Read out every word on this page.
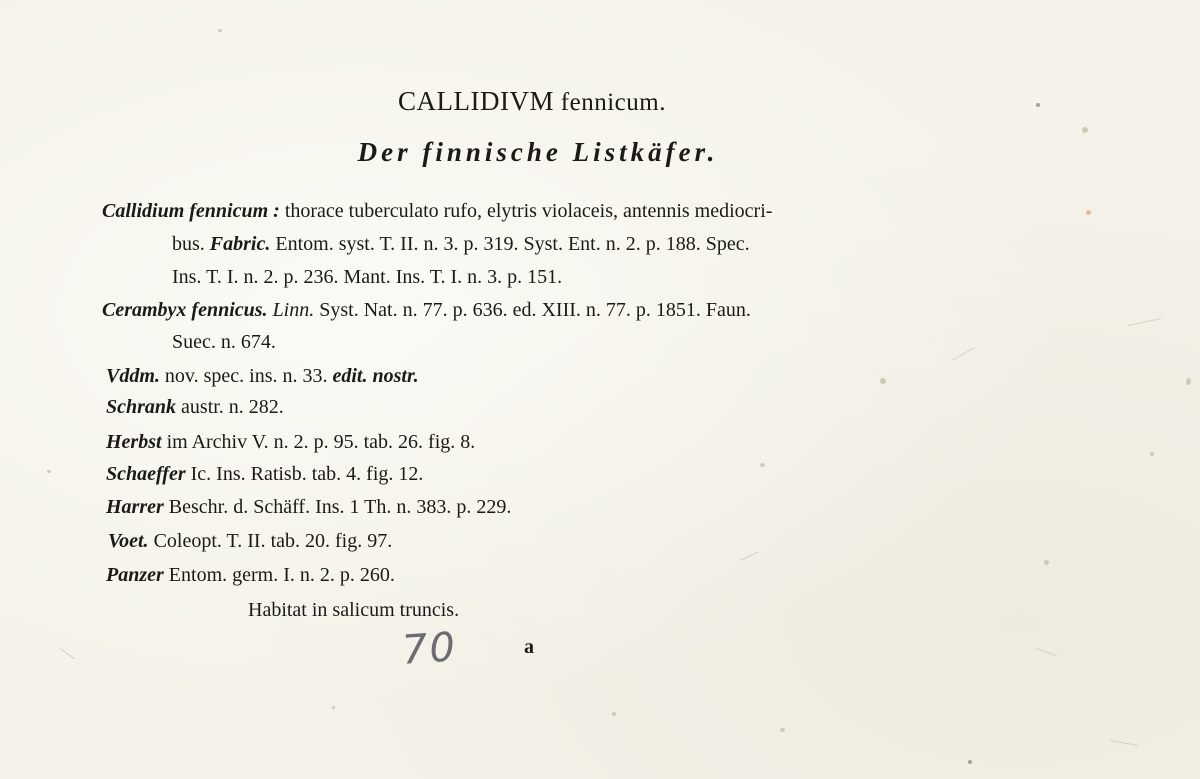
CALLIDIVM fennicum.
Der finnische Listkäfer.

Callidium fennicum : thorace tuberculato rufo, elytris violaceis, antennis mediocri-

bus. Fabric. Entom. syst. T. II. n. 3. p. 319. Syst. Ent. n. 2. p. 188. Spec.

Ins. T. I. n. 2. p. 236. Mant. Ins. T. I. n. 3. p. 151.

Cerambyx fennicus. Linn. Syst. Nat. n. 77. p. 636. ed. XIII. n. 77. p. 1851. Faun.

Suec. n. 674.

Vddm. nov. spec. ins. n. 33. edit. nostr.

Schrank austr. n. 282.

Herbst im Archiv V. n. 2. p. 95. tab. 26. fig. 8.

Schaeffer Ic. Ins. Ratisb. tab. 4. fig. 12.

Harrer Beschr. d. Schäff. Ins. 1 Th. n. 383. p. 229.

Voet. Coleopt. T. II. tab. 20. fig. 97.

Panzer Entom. germ. I. n. 2. p. 260.

Habitat in salicum truncis.

70	a
